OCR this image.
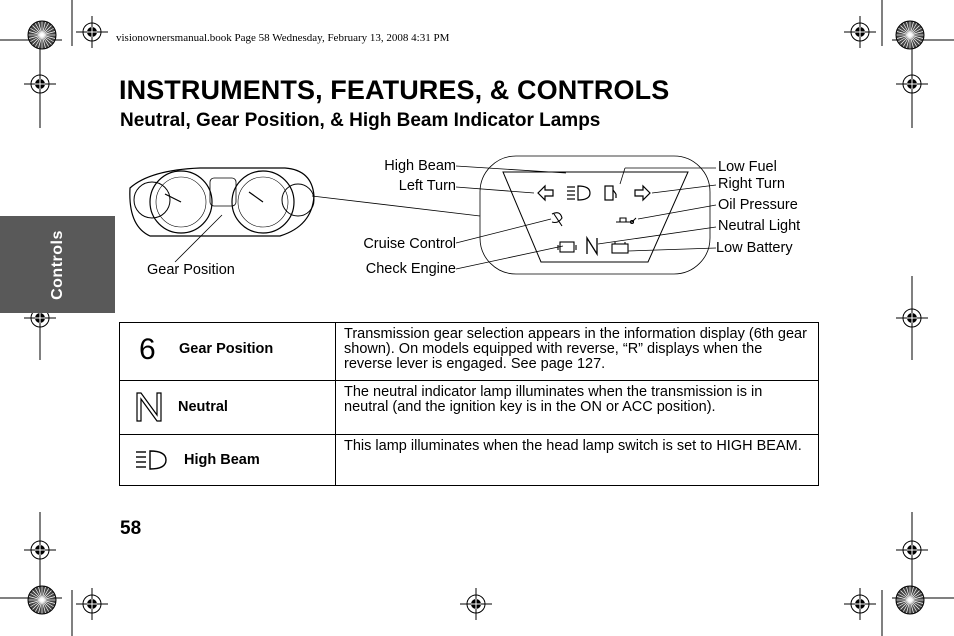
visionownersmanual.book Page 58 Wednesday, February 13, 2008 4:31 PM
INSTRUMENTS, FEATURES, & CONTROLS
Neutral, Gear Position, & High Beam Indicator Lamps
Controls
High Beam
Left Turn
Cruise Control
Check Engine
Gear Position
Low Fuel
Right Turn
Oil Pressure
Neutral Light
Low Battery
6 Gear Position	Transmission gear selection appears in the information display (6th gear shown). On models equipped with reverse, “R” displays when the reverse lever is engaged. See page 127.

Neutral	The neutral indicator lamp illuminates when the transmission is in neutral (and the ignition key is in the ON or ACC position).

High Beam	This lamp illuminates when the head lamp switch is set to HIGH BEAM.
58
